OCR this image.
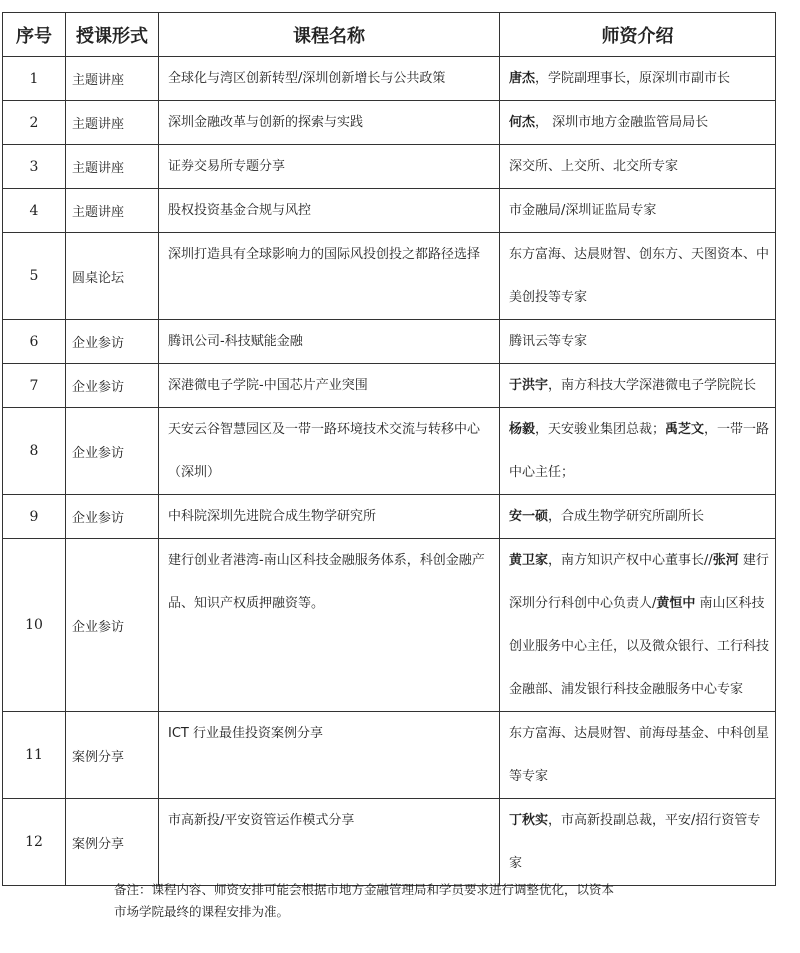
序号	授课形式	课程名称	师资介绍
1	主题讲座	全球化与湾区创新转型/深圳创新增长与公共政策	唐杰，学院副理事长，原深圳市副市长
2	主题讲座	深圳金融改革与创新的探索与实践	何杰， 深圳市地方金融监管局局长
3	主题讲座	证券交易所专题分享	深交所、上交所、北交所专家
4	主题讲座	股权投资基金合规与风控	市金融局/深圳证监局专家
5	圆桌论坛	深圳打造具有全球影响力的国际风投创投之都路径选择	东方富海、达晨财智、创东方、天图资本、中美创投等专家
6	企业参访	腾讯公司-科技赋能金融	腾讯云等专家
7	企业参访	深港微电子学院-中国芯片产业突围	于洪宇，南方科技大学深港微电子学院院长
8	企业参访	天安云谷智慧园区及一带一路环境技术交流与转移中心（深圳）	杨毅，天安骏业集团总裁；禹芝文，一带一路中心主任；
9	企业参访	中科院深圳先进院合成生物学研究所	安一硕，合成生物学研究所副所长
10	企业参访	建行创业者港湾-南山区科技金融服务体系，科创金融产品、知识产权质押融资等。	黄卫家，南方知识产权中心董事长//张河 建行深圳分行科创中心负责人/黄恒中 南山区科技创业服务中心主任，以及微众银行、工行科技金融部、浦发银行科技金融服务中心专家
11	案例分享	ICT 行业最佳投资案例分享	东方富海、达晨财智、前海母基金、中科创星等专家
12	案例分享	市高新投/平安资管运作模式分享	丁秋实，市高新投副总裁，平安/招行资管专家
备注：课程内容、师资安排可能会根据市地方金融管理局和学员要求进行调整优化，以资本
市场学院最终的课程安排为准。
